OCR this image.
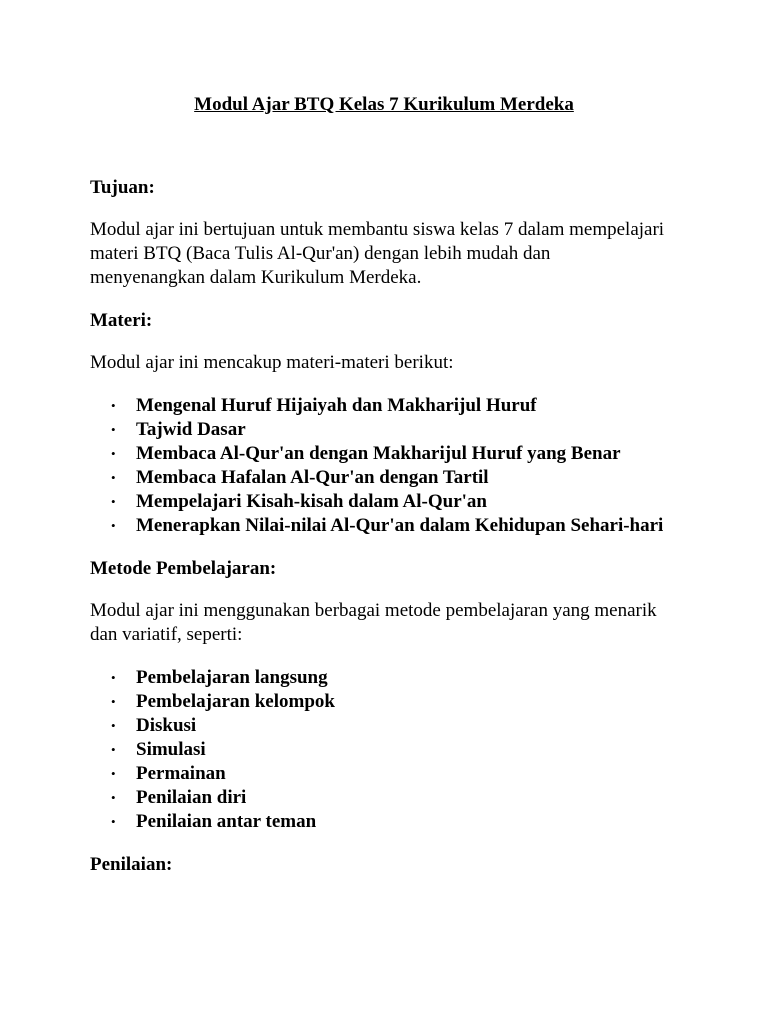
Modul Ajar BTQ Kelas 7 Kurikulum Merdeka

Tujuan:

Modul ajar ini bertujuan untuk membantu siswa kelas 7 dalam mempelajari materi BTQ (Baca Tulis Al-Qur'an) dengan lebih mudah dan menyenangkan dalam Kurikulum Merdeka.

Materi:

Modul ajar ini mencakup materi-materi berikut:

• Mengenal Huruf Hijaiyah dan Makharijul Huruf
• Tajwid Dasar
• Membaca Al-Qur'an dengan Makharijul Huruf yang Benar
• Membaca Hafalan Al-Qur'an dengan Tartil
• Mempelajari Kisah-kisah dalam Al-Qur'an
• Menerapkan Nilai-nilai Al-Qur'an dalam Kehidupan Sehari-hari

Metode Pembelajaran:

Modul ajar ini menggunakan berbagai metode pembelajaran yang menarik dan variatif, seperti:

• Pembelajaran langsung
• Pembelajaran kelompok
• Diskusi
• Simulasi
• Permainan
• Penilaian diri
• Penilaian antar teman

Penilaian:
